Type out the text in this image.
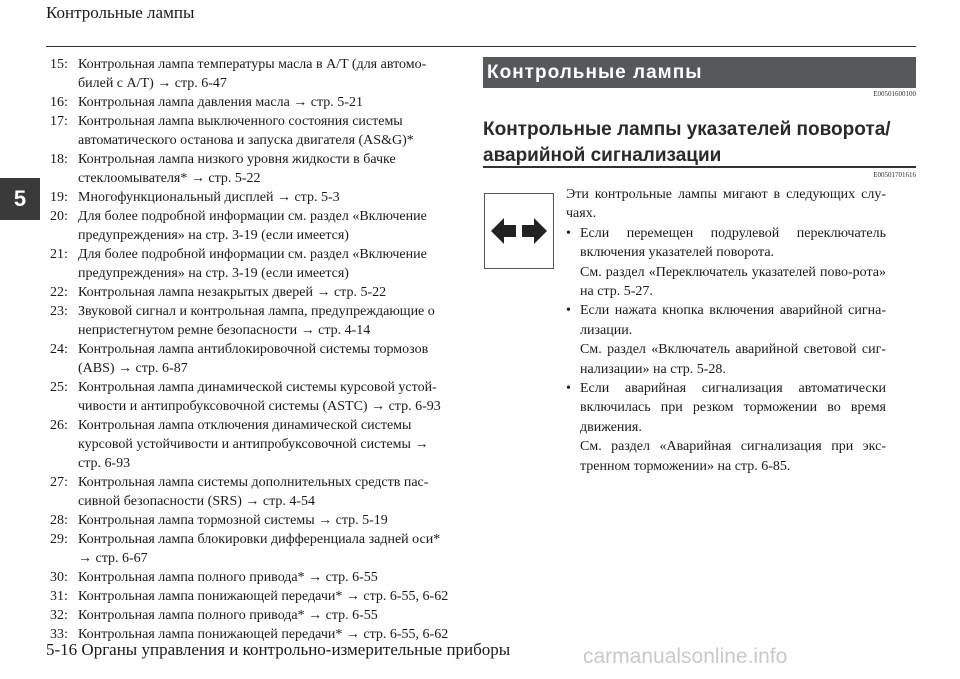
Контрольные лампы
5
15: Контрольная лампа температуры масла в A/T (для автомо-билей с A/T) → стр. 6-47
16: Контрольная лампа давления масла → стр. 5-21
17: Контрольная лампа выключенного состояния системы автоматического останова и запуска двигателя (AS&G)*
18: Контрольная лампа низкого уровня жидкости в бачке стеклоомывателя* → стр. 5-22
19: Многофункциональный дисплей → стр. 5-3
20: Для более подробной информации см. раздел «Включение предупреждения» на стр. 3-19 (если имеется)
21: Для более подробной информации см. раздел «Включение предупреждения» на стр. 3-19 (если имеется)
22: Контрольная лампа незакрытых дверей → стр. 5-22
23: Звуковой сигнал и контрольная лампа, предупреждающие о непристегнутом ремне безопасности → стр. 4-14
24: Контрольная лампа антиблокировочной системы тормозов (ABS) → стр. 6-87
25: Контрольная лампа динамической системы курсовой устой-чивости и антипробуксовочной системы (ASTC) → стр. 6-93
26: Контрольная лампа отключения динамической системы курсовой устойчивости и антипробуксовочной системы → стр. 6-93
27: Контрольная лампа системы дополнительных средств пас-сивной безопасности (SRS) → стр. 4-54
28: Контрольная лампа тормозной системы → стр. 5-19
29: Контрольная лампа блокировки дифференциала задней оси* → стр. 6-67
30: Контрольная лампа полного привода* → стр. 6-55
31: Контрольная лампа понижающей передачи* → стр. 6-55, 6-62
32: Контрольная лампа полного привода* → стр. 6-55
33: Контрольная лампа понижающей передачи* → стр. 6-55, 6-62
Контрольные лампы
E00501600100
Контрольные лампы указателей поворота/ аварийной сигнализации
E00501701616

Эти контрольные лампы мигают в следующих слу-чаях.

• Если перемещен подрулевой переключатель включения указателей поворота.

См. раздел «Переключатель указателей пово-рота» на стр. 5-27.

• Если нажата кнопка включения аварийной сигна-лизации.

См. раздел «Включатель аварийной световой сиг-нализации» на стр. 5-28.

• Если аварийная сигнализация автоматически включилась при резком торможении во время движения.

См. раздел «Аварийная сигнализация при экс-тренном торможении» на стр. 6-85.

5-16 Органы управления и контрольно-измерительные приборы	carmanualsonline.info
